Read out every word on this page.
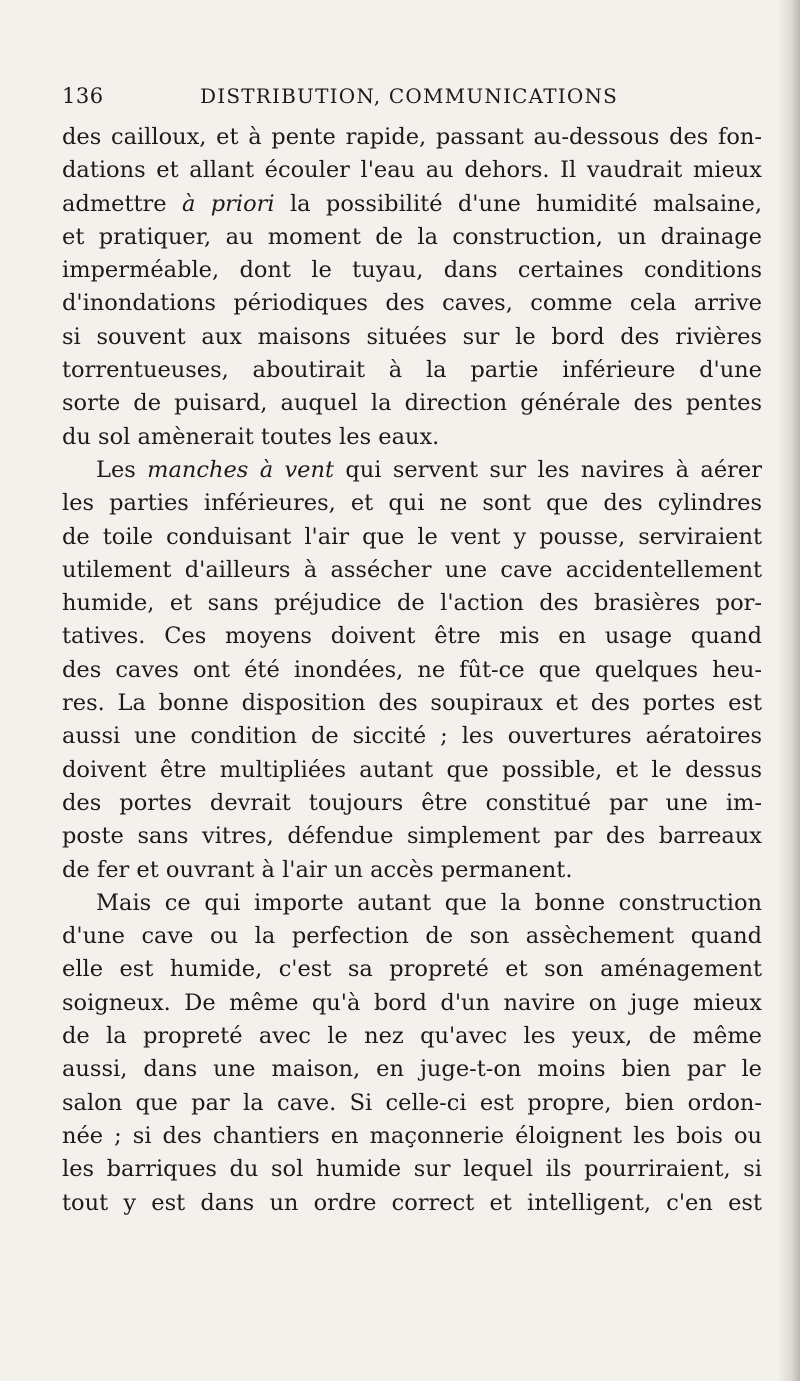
136	DISTRIBUTION, COMMUNICATIONS
des cailloux, et à pente rapide, passant au-dessous des fon-
dations et allant écouler l'eau au dehors. Il vaudrait mieux
admettre à priori la possibilité d'une humidité malsaine,
et pratiquer, au moment de la construction, un drainage
imperméable, dont le tuyau, dans certaines conditions
d'inondations périodiques des caves, comme cela arrive
si souvent aux maisons situées sur le bord des rivières
torrentueuses, aboutirait à la partie inférieure d'une
sorte de puisard, auquel la direction générale des pentes
du sol amènerait toutes les eaux.
Les manches à vent qui servent sur les navires à aérer
les parties inférieures, et qui ne sont que des cylindres
de toile conduisant l'air que le vent y pousse, serviraient
utilement d'ailleurs à assécher une cave accidentellement
humide, et sans préjudice de l'action des brasières por-
tatives. Ces moyens doivent être mis en usage quand
des caves ont été inondées, ne fût-ce que quelques heu-
res. La bonne disposition des soupiraux et des portes est
aussi une condition de siccité ; les ouvertures aératoires
doivent être multipliées autant que possible, et le dessus
des portes devrait toujours être constitué par une im-
poste sans vitres, défendue simplement par des barreaux
de fer et ouvrant à l'air un accès permanent.
Mais ce qui importe autant que la bonne construction
d'une cave ou la perfection de son assèchement quand
elle est humide, c'est sa propreté et son aménagement
soigneux. De même qu'à bord d'un navire on juge mieux
de la propreté avec le nez qu'avec les yeux, de même
aussi, dans une maison, en juge-t-on moins bien par le
salon que par la cave. Si celle-ci est propre, bien ordon-
née ; si des chantiers en maçonnerie éloignent les bois ou
les barriques du sol humide sur lequel ils pourriraient, si
tout y est dans un ordre correct et intelligent, c'en est
